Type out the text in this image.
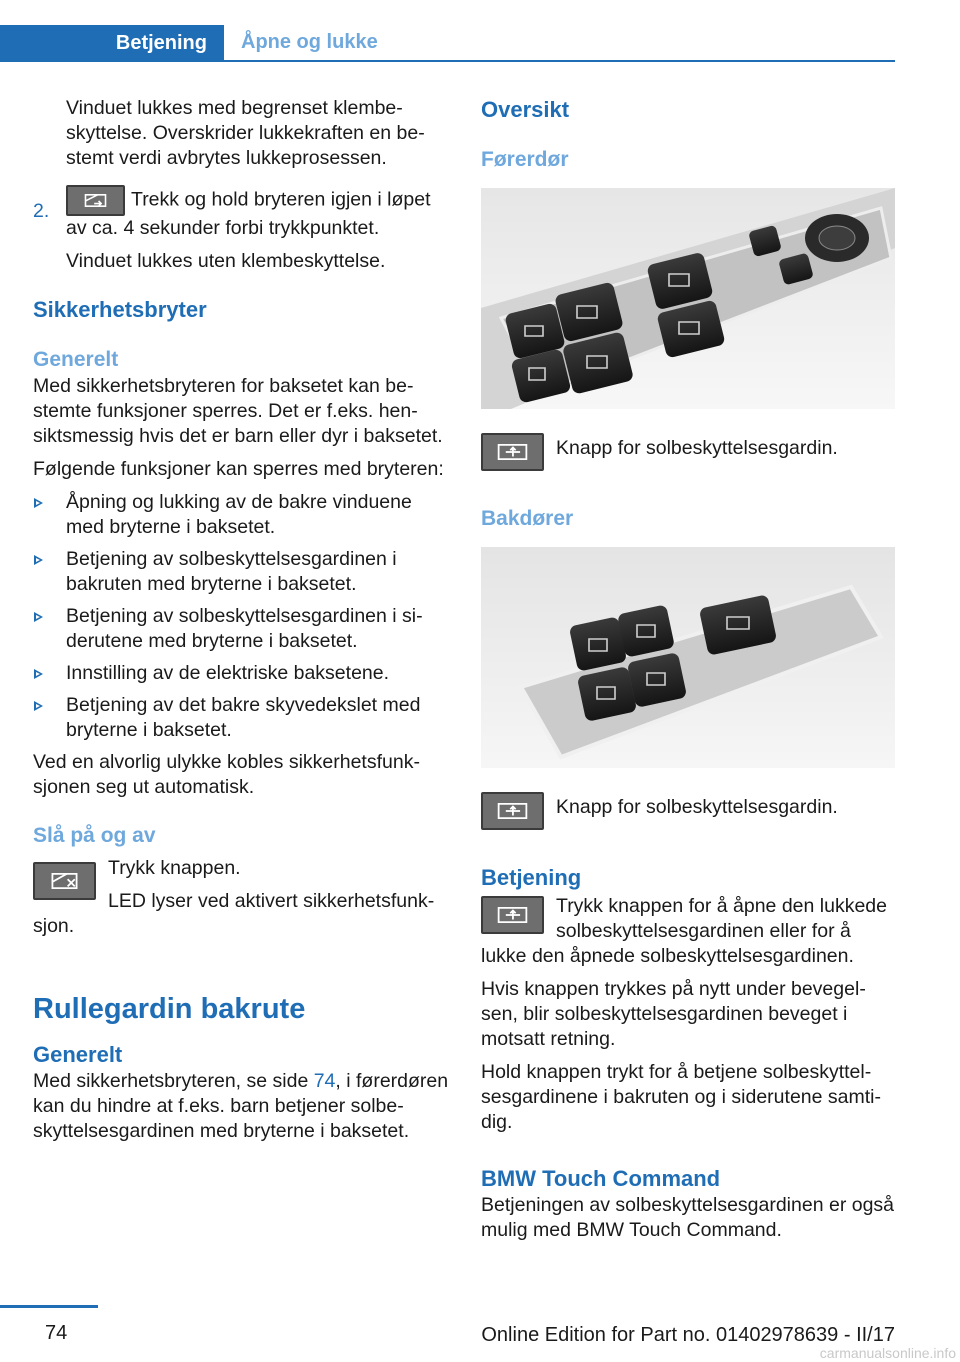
Betjening	Åpne og lukke

Vinduet lukkes med begrenset klembeskyttelse. Overskrider lukkekraften en bestemt verdi avbrytes lukkeprosessen.

2.

Trekk og hold bryteren igjen i løpet av ca. 4 sekunder forbi trykkpunktet.

Vinduet lukkes uten klembeskyttelse.

Sikkerhetsbryter
Generelt

Med sikkerhetsbryteren for baksetet kan bestemte funksjoner sperres. Det er f.eks. hensiktsmessig hvis det er barn eller dyr i baksetet.

Følgende funksjoner kan sperres med bryteren:

Åpning og lukking av de bakre vinduene med bryterne i baksetet.
Betjening av solbeskyttelsesgardinen i bakruten med bryterne i baksetet.
Betjening av solbeskyttelsesgardinen i siderutene med bryterne i baksetet.
Innstilling av de elektriske baksetene.
Betjening av det bakre skyvedekslet med bryterne i baksetet.

Ved en alvorlig ulykke kobles sikkerhetsfunksjonen seg ut automatisk.

Slå på og av

Trykk knappen.

LED lyser ved aktivert sikkerhetsfunksjon.

Rullegardin bakrute
Generelt

Med sikkerhetsbryteren, se side 74, i førerdøren kan du hindre at f.eks. barn betjener solbeskyttelsesgardinen med bryterne i baksetet.

Oversikt
Førerdør
Knapp for solbeskyttelsesgardin.
Bakdører
Knapp for solbeskyttelsesgardin.
Betjening

Trykk knappen for å åpne den lukkede solbeskyttelsesgardinen eller for å lukke den åpnede solbeskyttelsesgardinen.

Hvis knappen trykkes på nytt under bevegelsen, blir solbeskyttelsesgardinen beveget i motsatt retning.

Hold knappen trykt for å betjene solbeskyttelsesgardinene i bakruten og i siderutene samtidig.

BMW Touch Command

Betjeningen av solbeskyttelsesgardinen er også mulig med BMW Touch Command.

74	Online Edition for Part no. 01402978639 - II/17
carmanualsonline.info
